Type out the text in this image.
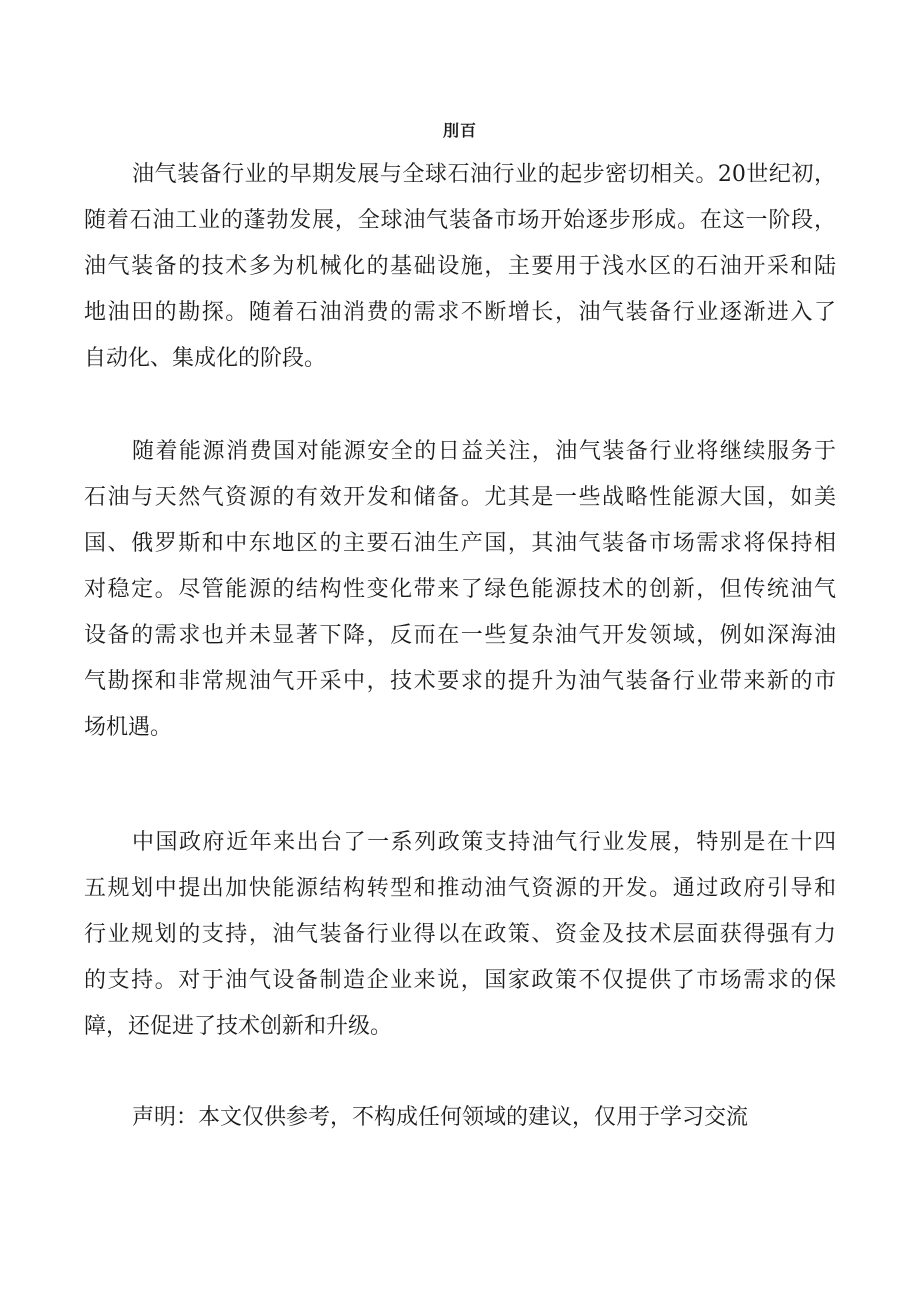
刖百
油气装备行业的早期发展与全球石油行业的起步密切相关。20世纪初，
随着石油工业的蓬勃发展，全球油气装备市场开始逐步形成。在这一阶段，
油气装备的技术多为机械化的基础设施，主要用于浅水区的石油开采和陆
地油田的勘探。随着石油消费的需求不断增长，油气装备行业逐渐进入了
自动化、集成化的阶段。
随着能源消费国对能源安全的日益关注，油气装备行业将继续服务于
石油与天然气资源的有效开发和储备。尤其是一些战略性能源大国，如美
国、俄罗斯和中东地区的主要石油生产国，其油气装备市场需求将保持相
对稳定。尽管能源的结构性变化带来了绿色能源技术的创新，但传统油气
设备的需求也并未显著下降，反而在一些复杂油气开发领域，例如深海油
气勘探和非常规油气开采中，技术要求的提升为油气装备行业带来新的市
场机遇。
中国政府近年来出台了一系列政策支持油气行业发展，特别是在十四
五规划中提出加快能源结构转型和推动油气资源的开发。通过政府引导和
行业规划的支持，油气装备行业得以在政策、资金及技术层面获得强有力
的支持。对于油气设备制造企业来说，国家政策不仅提供了市场需求的保
障，还促进了技术创新和升级。
声明：本文仅供参考，不构成任何领域的建议，仅用于学习交流
